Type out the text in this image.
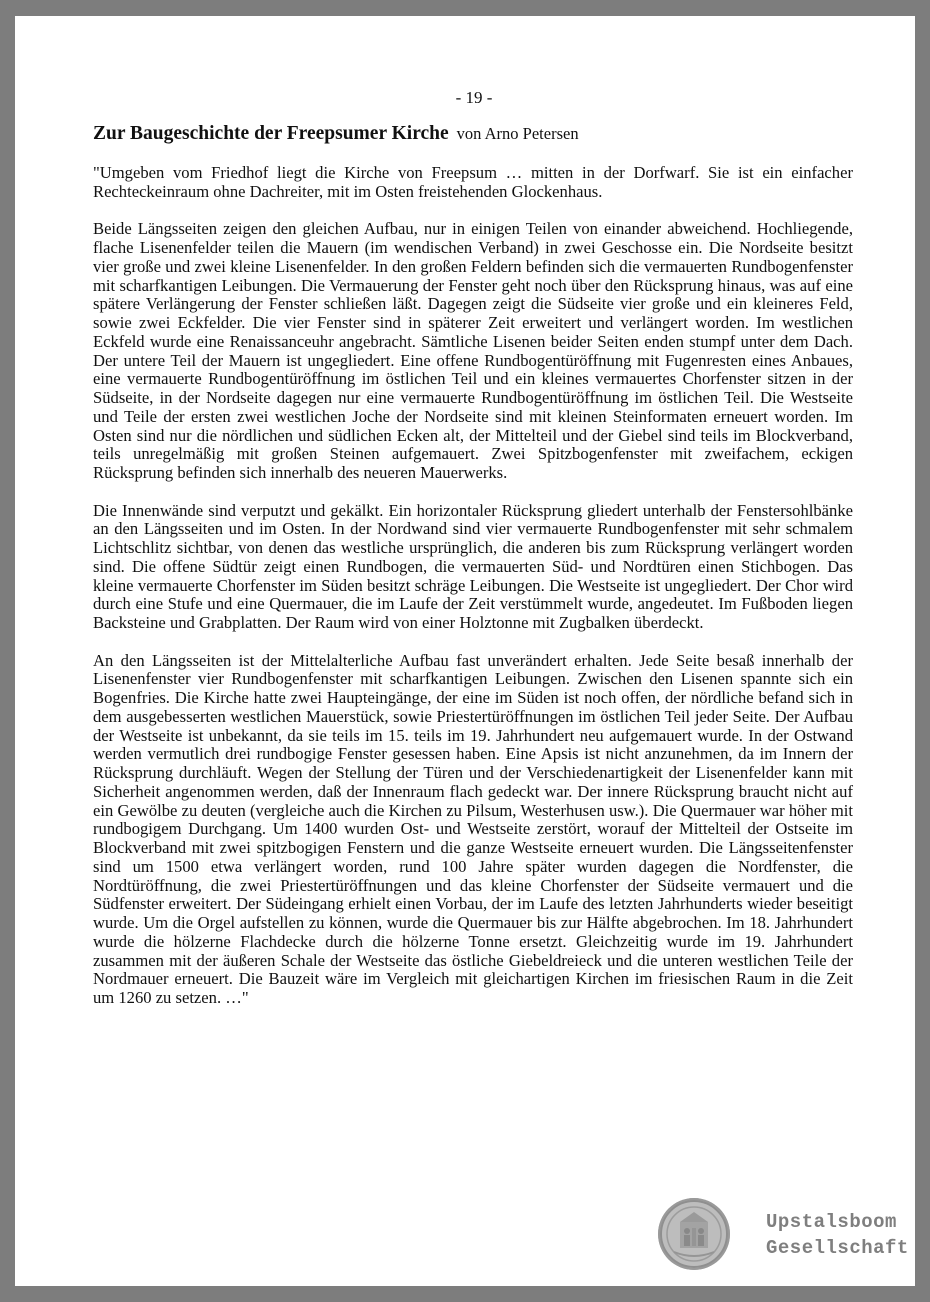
- 19 -
Zur Baugeschichte der Freepsumer Kirche von Arno Petersen

"Umgeben vom Friedhof liegt die Kirche von Freepsum … mitten in der Dorfwarf. Sie ist ein einfacher Rechteckeinraum ohne Dachreiter, mit im Osten freistehenden Glockenhaus.

Beide Längsseiten zeigen den gleichen Aufbau, nur in einigen Teilen von einander abweichend. Hochliegende, flache Lisenenfelder teilen die Mauern (im wendischen Verband) in zwei Geschosse ein. Die Nordseite besitzt vier große und zwei kleine Lisenenfelder. In den großen Feldern befinden sich die vermauerten Rundbogenfenster mit scharfkantigen Leibungen. Die Vermauerung der Fenster geht noch über den Rücksprung hinaus, was auf eine spätere Verlängerung der Fenster schließen läßt. Dagegen zeigt die Südseite vier große und ein kleineres Feld, sowie zwei Eckfelder. Die vier Fenster sind in späterer Zeit erweitert und verlängert worden. Im westlichen Eckfeld wurde eine Renaissanceuhr angebracht. Sämtliche Lisenen beider Seiten enden stumpf unter dem Dach. Der untere Teil der Mauern ist ungegliedert. Eine offene Rundbogentüröffnung mit Fugenresten eines Anbaues, eine vermauerte Rundbogentüröffnung im östlichen Teil und ein kleines vermauertes Chorfenster sitzen in der Südseite, in der Nordseite dagegen nur eine vermauerte Rundbogentüröffnung im östlichen Teil. Die Westseite und Teile der ersten zwei westlichen Joche der Nordseite sind mit kleinen Steinformaten erneuert worden. Im Osten sind nur die nördlichen und südlichen Ecken alt, der Mittelteil und der Giebel sind teils im Blockverband, teils unregelmäßig mit großen Steinen aufgemauert. Zwei Spitzbogenfenster mit zweifachem, eckigen Rücksprung befinden sich innerhalb des neueren Mauerwerks.

Die Innenwände sind verputzt und gekälkt. Ein horizontaler Rücksprung gliedert unterhalb der Fenstersohlbänke an den Längsseiten und im Osten. In der Nordwand sind vier vermauerte Rundbogenfenster mit sehr schmalem Lichtschlitz sichtbar, von denen das westliche ursprünglich, die anderen bis zum Rücksprung verlängert worden sind. Die offene Südtür zeigt einen Rundbogen, die vermauerten Süd- und Nordtüren einen Stichbogen. Das kleine vermauerte Chorfenster im Süden besitzt schräge Leibungen. Die Westseite ist ungegliedert. Der Chor wird durch eine Stufe und eine Quermauer, die im Laufe der Zeit verstümmelt wurde, angedeutet. Im Fußboden liegen Backsteine und Grabplatten. Der Raum wird von einer Holztonne mit Zugbalken überdeckt.

An den Längsseiten ist der Mittelalterliche Aufbau fast unverändert erhalten. Jede Seite besaß innerhalb der Lisenenfenster vier Rundbogenfenster mit scharfkantigen Leibungen. Zwischen den Lisenen spannte sich ein Bogenfries. Die Kirche hatte zwei Haupteingänge, der eine im Süden ist noch offen, der nördliche befand sich in dem ausgebesserten westlichen Mauerstück, sowie Priestertüröffnungen im östlichen Teil jeder Seite. Der Aufbau der Westseite ist unbekannt, da sie teils im 15. teils im 19. Jahrhundert neu aufgemauert wurde. In der Ostwand werden vermutlich drei rundbogige Fenster gesessen haben. Eine Apsis ist nicht anzunehmen, da im Innern der Rücksprung durchläuft. Wegen der Stellung der Türen und der Verschiedenartigkeit der Lisenenfelder kann mit Sicherheit angenommen werden, daß der Innenraum flach gedeckt war. Der innere Rücksprung braucht nicht auf ein Gewölbe zu deuten (vergleiche auch die Kirchen zu Pilsum, Westerhusen usw.). Die Quermauer war höher mit rundbogigem Durchgang. Um 1400 wurden Ost- und Westseite zerstört, worauf der Mittelteil der Ostseite im Blockverband mit zwei spitzbogigen Fenstern und die ganze Westseite erneuert wurden. Die Längsseitenfenster sind um 1500 etwa verlängert worden, rund 100 Jahre später wurden dagegen die Nordfenster, die Nordtüröffnung, die zwei Priestertüröffnungen und das kleine Chorfenster der Südseite vermauert und die Südfenster erweitert. Der Südeingang erhielt einen Vorbau, der im Laufe des letzten Jahrhunderts wieder beseitigt wurde. Um die Orgel aufstellen zu können, wurde die Quermauer bis zur Hälfte abgebrochen. Im 18. Jahrhundert wurde die hölzerne Flachdecke durch die hölzerne Tonne ersetzt. Gleichzeitig wurde im 19. Jahrhundert zusammen mit der äußeren Schale der Westseite das östliche Giebeldreieck und die unteren westlichen Teile der Nordmauer erneuert. Die Bauzeit wäre im Vergleich mit gleichartigen Kirchen im friesischen Raum in die Zeit um 1260 zu setzen. …"

Upstalsboom
Gesellschaft
